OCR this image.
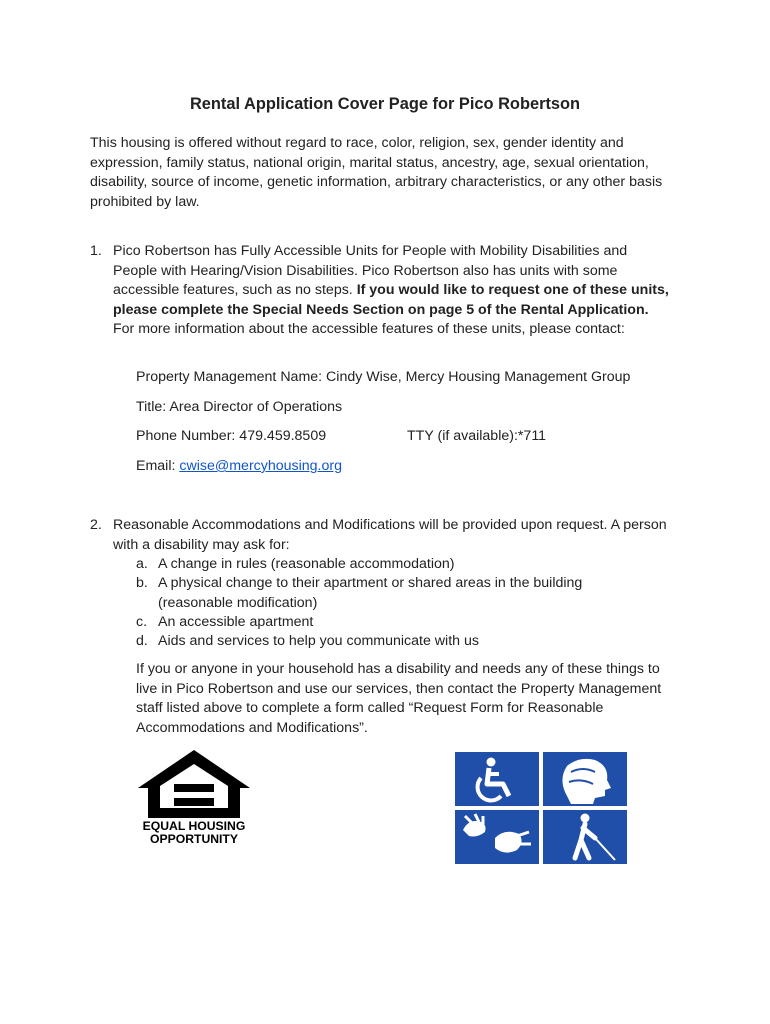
Rental Application Cover Page for Pico Robertson

This housing is offered without regard to race, color, religion, sex, gender identity and expression, family status, national origin, marital status, ancestry, age, sexual orientation, disability, source of income, genetic information, arbitrary characteristics, or any other basis prohibited by law.

1. Pico Robertson has Fully Accessible Units for People with Mobility Disabilities and People with Hearing/Vision Disabilities. Pico Robertson also has units with some accessible features, such as no steps. If you would like to request one of these units, please complete the Special Needs Section on page 5 of the Rental Application. For more information about the accessible features of these units, please contact:

Property Management Name: Cindy Wise, Mercy Housing Management Group
Title: Area Director of Operations
Phone Number: 479.459.8509	TTY (if available):*711
Email: cwise@mercyhousing.org
2. Reasonable Accommodations and Modifications will be provided upon request. A person with a disability may ask for:

a. A change in rules (reasonable accommodation)
b. A physical change to their apartment or shared areas in the building (reasonable modification)
c. An accessible apartment
d. Aids and services to help you communicate with us

If you or anyone in your household has a disability and needs any of these things to live in Pico Robertson and use our services, then contact the Property Management staff listed above to complete a form called “Request Form for Reasonable Accommodations and Modifications”.

EQUAL HOUSING OPPORTUNITY
